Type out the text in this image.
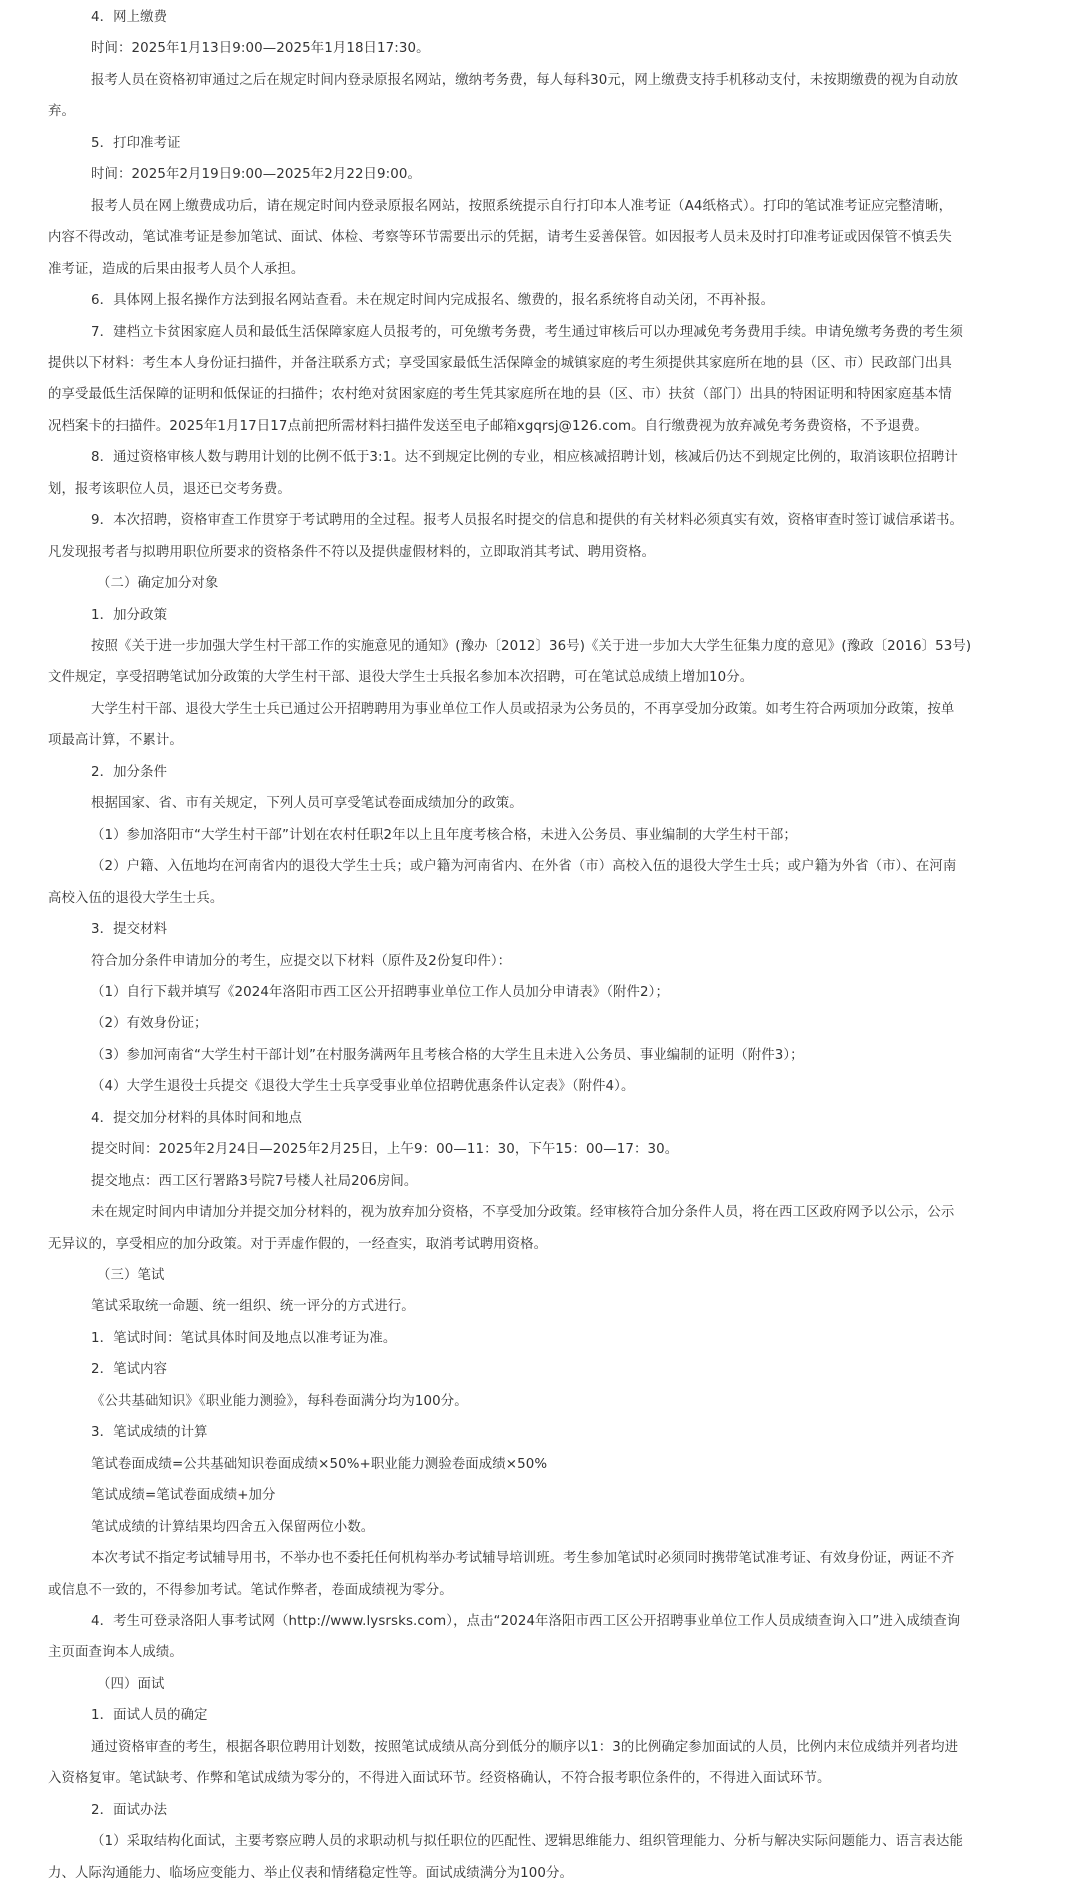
4．网上缴费
时间：2025年1月13日9:00—2025年1月18日17:30。
报考人员在资格初审通过之后在规定时间内登录原报名网站，缴纳考务费，每人每科30元，网上缴费支持手机移动支付，未按期缴费的视为自动放
弃。
5．打印准考证
时间：2025年2月19日9:00—2025年2月22日9:00。
报考人员在网上缴费成功后，请在规定时间内登录原报名网站，按照系统提示自行打印本人准考证（A4纸格式）。打印的笔试准考证应完整清晰，
内容不得改动，笔试准考证是参加笔试、面试、体检、考察等环节需要出示的凭据，请考生妥善保管。如因报考人员未及时打印准考证或因保管不慎丢失
准考证，造成的后果由报考人员个人承担。
6．具体网上报名操作方法到报名网站查看。未在规定时间内完成报名、缴费的，报名系统将自动关闭，不再补报。
7．建档立卡贫困家庭人员和最低生活保障家庭人员报考的，可免缴考务费，考生通过审核后可以办理减免考务费用手续。申请免缴考务费的考生须
提供以下材料：考生本人身份证扫描件，并备注联系方式；享受国家最低生活保障金的城镇家庭的考生须提供其家庭所在地的县（区、市）民政部门出具
的享受最低生活保障的证明和低保证的扫描件；农村绝对贫困家庭的考生凭其家庭所在地的县（区、市）扶贫（部门）出具的特困证明和特困家庭基本情
况档案卡的扫描件。2025年1月17日17点前把所需材料扫描件发送至电子邮箱xgqrsj@126.com。自行缴费视为放弃减免考务费资格，不予退费。
8．通过资格审核人数与聘用计划的比例不低于3:1。达不到规定比例的专业，相应核减招聘计划，核减后仍达不到规定比例的，取消该职位招聘计
划，报考该职位人员，退还已交考务费。
9．本次招聘，资格审查工作贯穿于考试聘用的全过程。报考人员报名时提交的信息和提供的有关材料必须真实有效，资格审查时签订诚信承诺书。
凡发现报考者与拟聘用职位所要求的资格条件不符以及提供虚假材料的，立即取消其考试、聘用资格。
（二）确定加分对象
1．加分政策
按照《关于进一步加强大学生村干部工作的实施意见的通知》(豫办〔2012〕36号)《关于进一步加大大学生征集力度的意见》(豫政〔2016〕53号)
文件规定，享受招聘笔试加分政策的大学生村干部、退役大学生士兵报名参加本次招聘，可在笔试总成绩上增加10分。
大学生村干部、退役大学生士兵已通过公开招聘聘用为事业单位工作人员或招录为公务员的，不再享受加分政策。如考生符合两项加分政策，按单
项最高计算，不累计。
2．加分条件
根据国家、省、市有关规定，下列人员可享受笔试卷面成绩加分的政策。
（1）参加洛阳市“大学生村干部”计划在农村任职2年以上且年度考核合格，未进入公务员、事业编制的大学生村干部；
（2）户籍、入伍地均在河南省内的退役大学生士兵；或户籍为河南省内、在外省（市）高校入伍的退役大学生士兵；或户籍为外省（市）、在河南
高校入伍的退役大学生士兵。
3．提交材料
符合加分条件申请加分的考生，应提交以下材料（原件及2份复印件）：
（1）自行下载并填写《2024年洛阳市西工区公开招聘事业单位工作人员加分申请表》（附件2）；
（2）有效身份证；
（3）参加河南省“大学生村干部计划”在村服务满两年且考核合格的大学生且未进入公务员、事业编制的证明（附件3）；
（4）大学生退役士兵提交《退役大学生士兵享受事业单位招聘优惠条件认定表》（附件4）。
4．提交加分材料的具体时间和地点
提交时间：2025年2月24日—2025年2月25日，上午9：00—11：30，下午15：00—17：30。
提交地点：西工区行署路3号院7号楼人社局206房间。
未在规定时间内申请加分并提交加分材料的，视为放弃加分资格，不享受加分政策。经审核符合加分条件人员，将在西工区政府网予以公示，公示
无异议的，享受相应的加分政策。对于弄虚作假的，一经查实，取消考试聘用资格。
（三）笔试
笔试采取统一命题、统一组织、统一评分的方式进行。
1．笔试时间：笔试具体时间及地点以准考证为准。
2．笔试内容
《公共基础知识》《职业能力测验》，每科卷面满分均为100分。
3．笔试成绩的计算
笔试卷面成绩=公共基础知识卷面成绩×50%+职业能力测验卷面成绩×50%
笔试成绩=笔试卷面成绩+加分
笔试成绩的计算结果均四舍五入保留两位小数。
本次考试不指定考试辅导用书，不举办也不委托任何机构举办考试辅导培训班。考生参加笔试时必须同时携带笔试准考证、有效身份证，两证不齐
或信息不一致的，不得参加考试。笔试作弊者，卷面成绩视为零分。
4．考生可登录洛阳人事考试网（http://www.lysrsks.com），点击“2024年洛阳市西工区公开招聘事业单位工作人员成绩查询入口”进入成绩查询
主页面查询本人成绩。
（四）面试
1．面试人员的确定
通过资格审查的考生，根据各职位聘用计划数，按照笔试成绩从高分到低分的顺序以1：3的比例确定参加面试的人员，比例内末位成绩并列者均进
入资格复审。笔试缺考、作弊和笔试成绩为零分的，不得进入面试环节。经资格确认，不符合报考职位条件的，不得进入面试环节。
2．面试办法
（1）采取结构化面试，主要考察应聘人员的求职动机与拟任职位的匹配性、逻辑思维能力、组织管理能力、分析与解决实际问题能力、语言表达能
力、人际沟通能力、临场应变能力、举止仪表和情绪稳定性等。面试成绩满分为100分。
